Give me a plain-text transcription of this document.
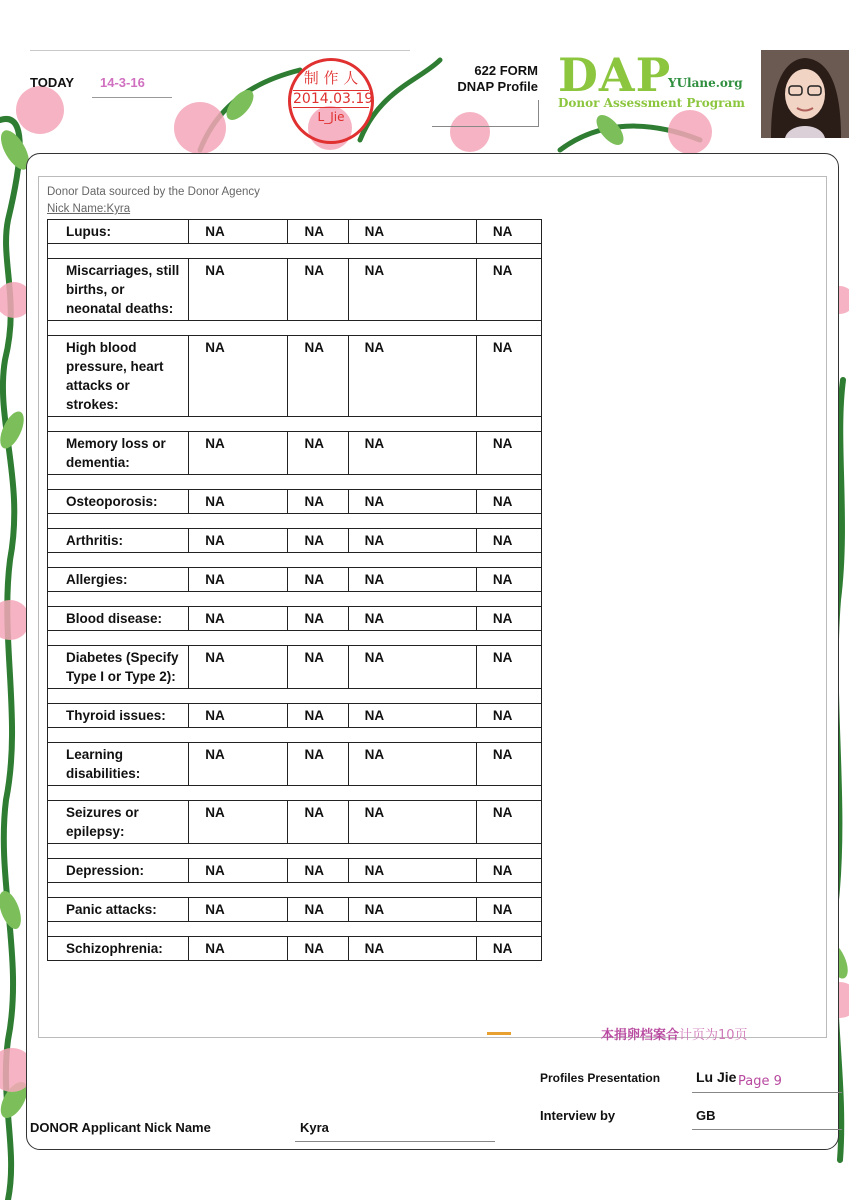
TODAY 14-3-16	制 作 人
2014.03.19
L_Jie
622 FORM
DNAP Profile DAP
YUlane.org
Donor Assessment Program
Donor Data sourced by the Donor Agency
Nick Name:Kyra
Lupus:	NA	NA	NA	NA

Miscarriages, still births, or neonatal deaths:	NA	NA	NA	NA

High blood pressure, heart attacks or strokes:	NA	NA	NA	NA

Memory loss or dementia:	NA	NA	NA	NA

Osteoporosis:	NA	NA	NA	NA

Arthritis:	NA	NA	NA	NA

Allergies:	NA	NA	NA	NA

Blood disease:	NA	NA	NA	NA

Diabetes (Specify Type I or Type 2):	NA	NA	NA	NA

Thyroid issues:	NA	NA	NA	NA

Learning disabilities:	NA	NA	NA	NA

Seizures or epilepsy:	NA	NA	NA	NA

Depression:	NA	NA	NA	NA

Panic attacks:	NA	NA	NA	NA

Schizophrenia:	NA	NA	NA	NA
本捐卵档案合计页为10页
Profiles Presentation	Lu Jie Page 9
Interview by	GB
DONOR Applicant Nick Name	Kyra
